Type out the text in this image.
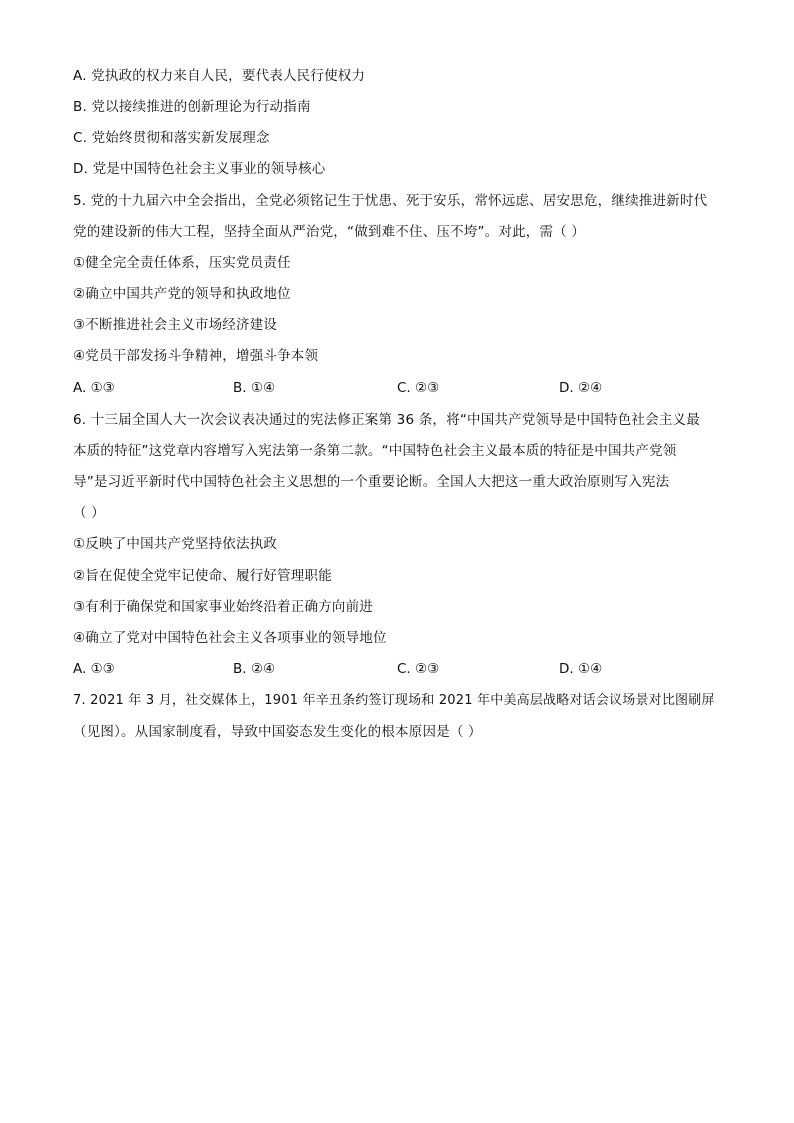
A. 党执政的权力来自人民，要代表人民行使权力
B. 党以接续推进的创新理论为行动指南
C. 党始终贯彻和落实新发展理念
D. 党是中国特色社会主义事业的领导核心
5. 党的十九届六中全会指出，全党必须铭记生于忧患、死于安乐，常怀远虑、居安思危，继续推进新时代
党的建设新的伟大工程，坚持全面从严治党，“做到难不住、压不垮”。对此，需（ ）
①健全完全责任体系，压实党员责任
②确立中国共产党的领导和执政地位
③不断推进社会主义市场经济建设
④党员干部发扬斗争精神，增强斗争本领
A. ①③	B. ①④	C. ②③	D. ②④
6. 十三届全国人大一次会议表决通过的宪法修正案第 36 条，将“中国共产党领导是中国特色社会主义最
本质的特征”这党章内容增写入宪法第一条第二款。“中国特色社会主义最本质的特征是中国共产党领
导”是习近平新时代中国特色社会主义思想的一个重要论断。全国人大把这一重大政治原则写入宪法
（ ）
①反映了中国共产党坚持依法执政
②旨在促使全党牢记使命、履行好管理职能
③有利于确保党和国家事业始终沿着正确方向前进
④确立了党对中国特色社会主义各项事业的领导地位
A. ①③	B. ②④	C. ②③	D. ①④
7. 2021 年 3 月，社交媒体上，1901 年辛丑条约签订现场和 2021 年中美高层战略对话会议场景对比图刷屏
（见图）。从国家制度看，导致中国姿态发生变化的根本原因是（ ）
